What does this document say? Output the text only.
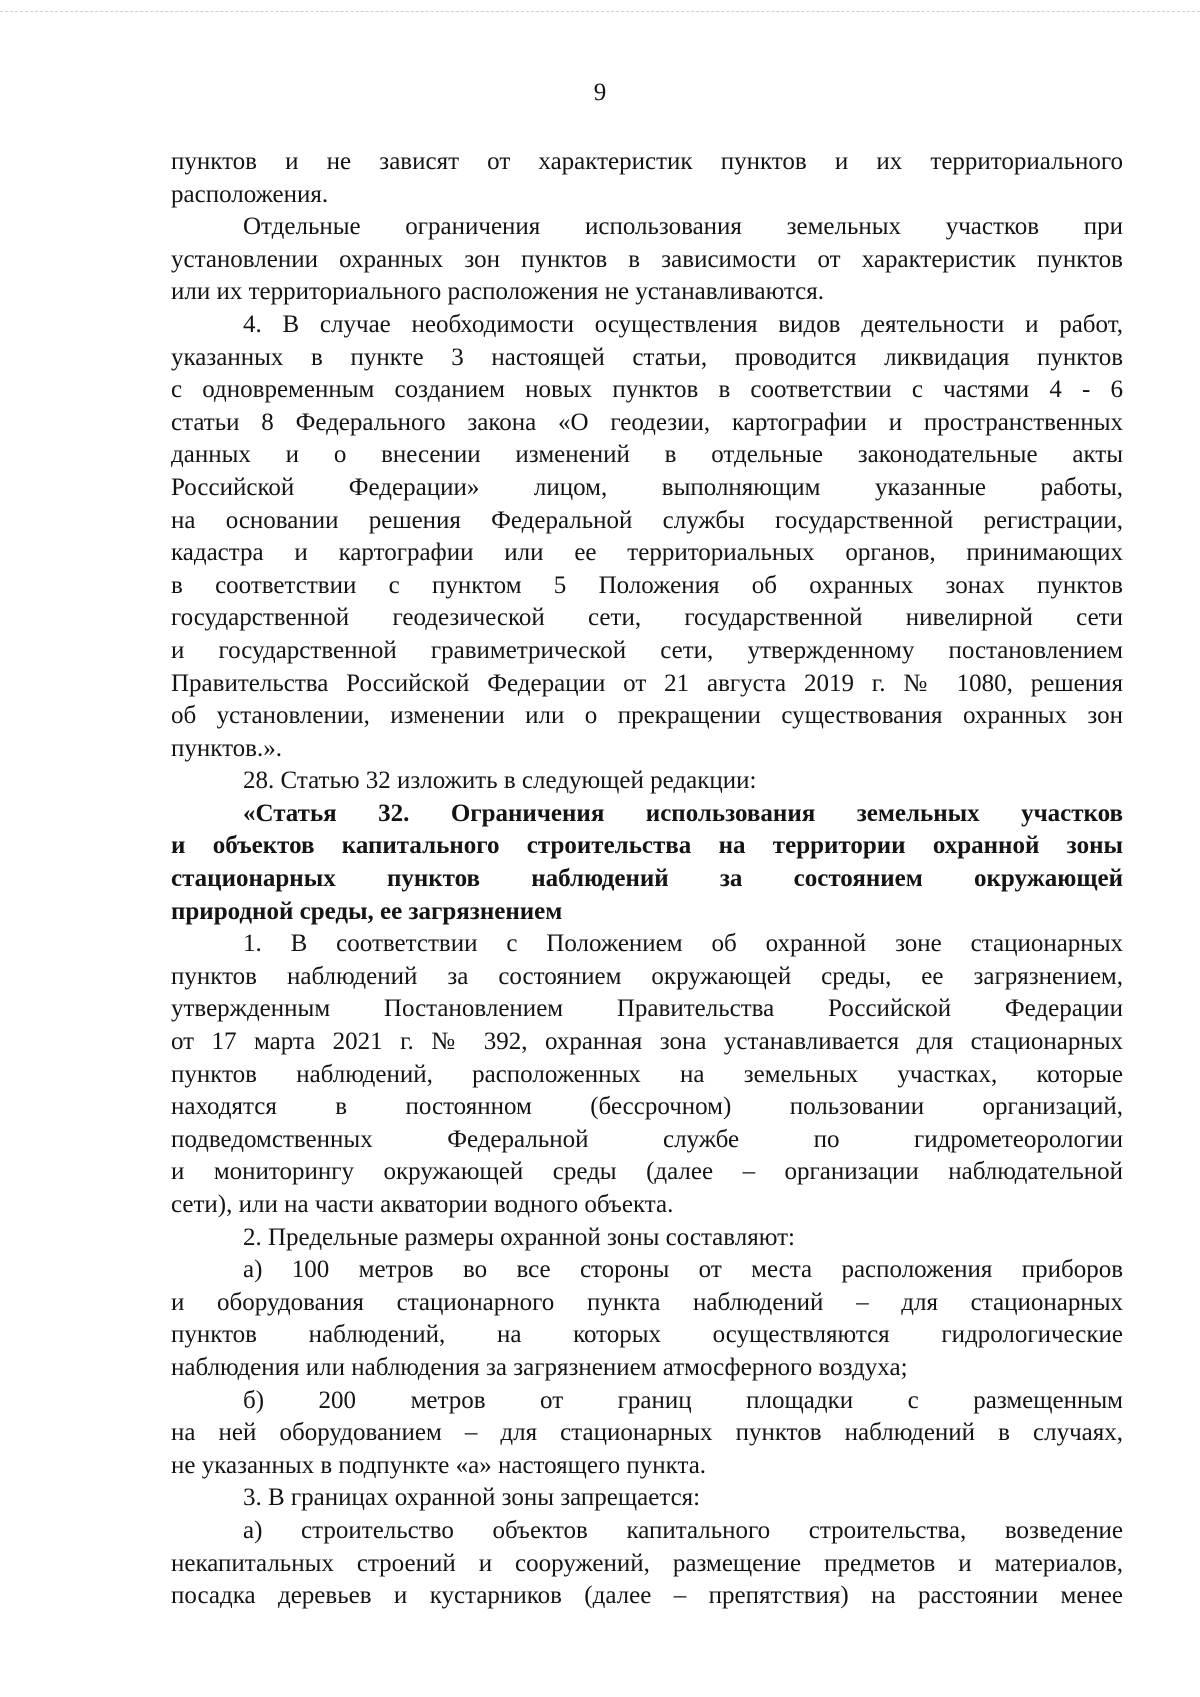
9

пунктов и не зависят от характеристик пунктов и их территориального

расположения.

Отдельные ограничения использования земельных участков при

установлении охранных зон пунктов в зависимости от характеристик пунктов

или их территориального расположения не устанавливаются.

4. В случае необходимости осуществления видов деятельности и работ,

указанных в пункте 3 настоящей статьи, проводится ликвидация пунктов

с одновременным созданием новых пунктов в соответствии с частями 4 - 6

статьи 8 Федерального закона «О геодезии, картографии и пространственных

данных и о внесении изменений в отдельные законодательные акты

Российской Федерации» лицом, выполняющим указанные работы,

на основании решения Федеральной службы государственной регистрации,

кадастра и картографии или ее территориальных органов, принимающих

в соответствии с пунктом 5 Положения об охранных зонах пунктов

государственной геодезической сети, государственной нивелирной сети

и государственной гравиметрической сети, утвержденному постановлением

Правительства Российской Федерации от 21 августа 2019 г. № 1080, решения

об установлении, изменении или о прекращении существования охранных зон

пунктов.».

28. Статью 32 изложить в следующей редакции:

«Статья 32. Ограничения использования земельных участков

и объектов капитального строительства на территории охранной зоны

стационарных пунктов наблюдений за состоянием окружающей

природной среды, ее загрязнением

1. В соответствии с Положением об охранной зоне стационарных

пунктов наблюдений за состоянием окружающей среды, ее загрязнением,

утвержденным Постановлением Правительства Российской Федерации

от 17 марта 2021 г. № 392, охранная зона устанавливается для стационарных

пунктов наблюдений, расположенных на земельных участках, которые

находятся в постоянном (бессрочном) пользовании организаций,

подведомственных Федеральной службе по гидрометеорологии

и мониторингу окружающей среды (далее – организации наблюдательной

сети), или на части акватории водного объекта.

2. Предельные размеры охранной зоны составляют:

а) 100 метров во все стороны от места расположения приборов

и оборудования стационарного пункта наблюдений – для стационарных

пунктов наблюдений, на которых осуществляются гидрологические

наблюдения или наблюдения за загрязнением атмосферного воздуха;

б) 200 метров от границ площадки с размещенным

на ней оборудованием – для стационарных пунктов наблюдений в случаях,

не указанных в подпункте «а» настоящего пункта.

3. В границах охранной зоны запрещается:

а) строительство объектов капитального строительства, возведение

некапитальных строений и сооружений, размещение предметов и материалов,

посадка деревьев и кустарников (далее – препятствия) на расстоянии менее
